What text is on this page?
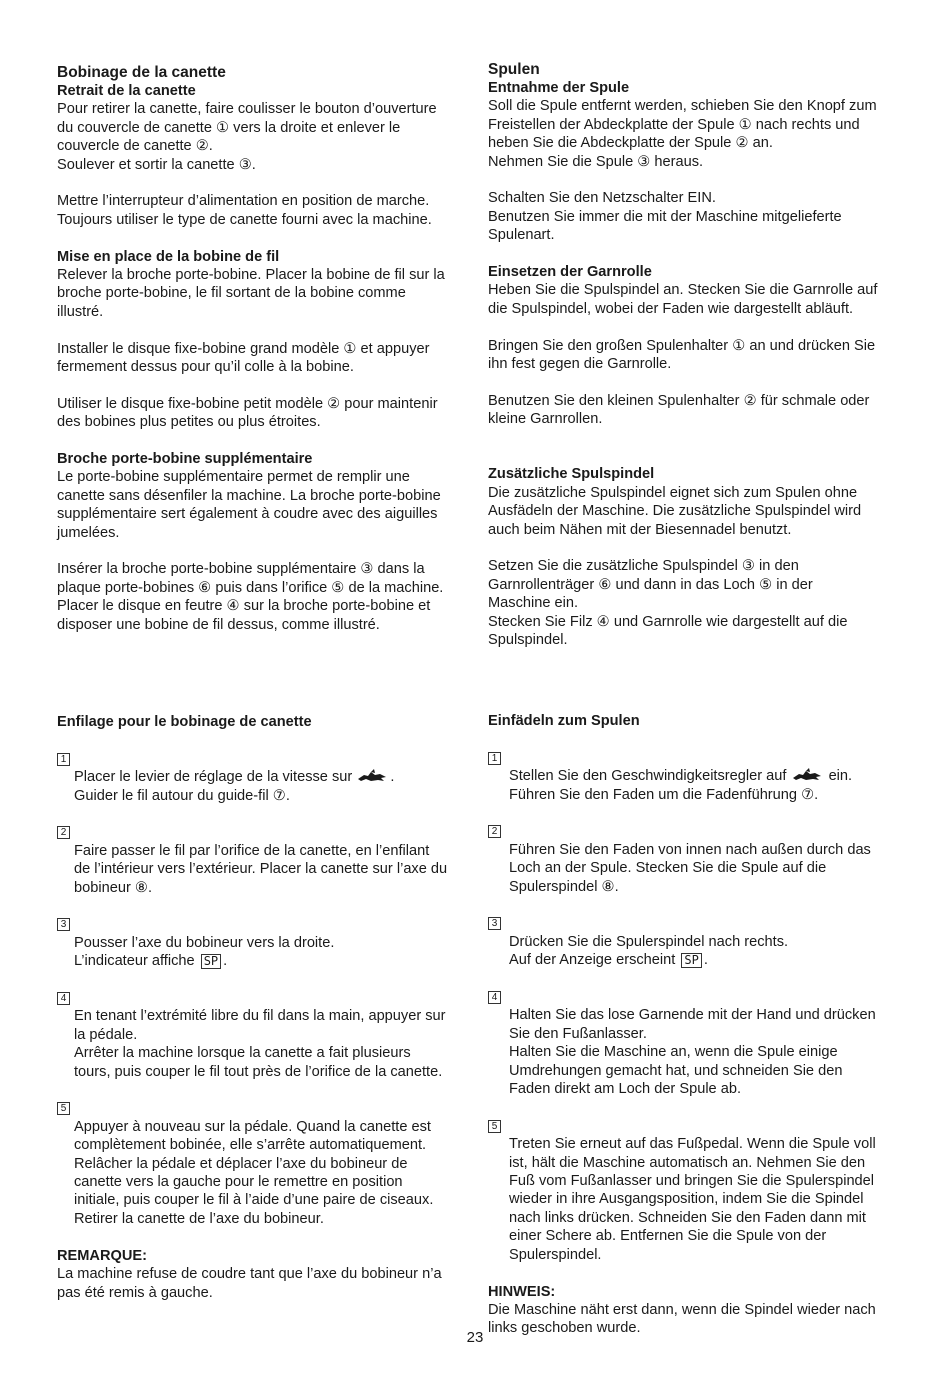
Bobinage de la canette
Retrait de la canette
Pour retirer la canette, faire coulisser le bouton d’ouverture
du couvercle de canette ① vers la droite et enlever le
couvercle de canette ②.
Soulever et sortir la canette ③.
Mettre l’interrupteur d’alimentation en position de marche.
Toujours utiliser le type de canette fourni avec la machine.
Mise en place de la bobine de fil
Relever la broche porte-bobine. Placer la bobine de fil sur la
broche porte-bobine, le fil sortant de la bobine comme
illustré.
Installer le disque fixe-bobine grand modèle ① et appuyer
fermement dessus pour qu’il colle à la bobine.
Utiliser le disque fixe-bobine petit modèle ② pour maintenir
des bobines plus petites ou plus étroites.
Broche porte-bobine supplémentaire
Le porte-bobine supplémentaire permet de remplir une
canette sans désenfiler la machine. La broche porte-bobine
supplémentaire sert également à coudre avec des aiguilles
jumelées.
Insérer la broche porte-bobine supplémentaire ③ dans la
plaque porte-bobines ⑥ puis dans l’orifice ⑤ de la machine.
Placer le disque en feutre ④ sur la broche porte-bobine et
disposer une bobine de fil dessus, comme illustré.
Spulen
Entnahme der Spule
Soll die Spule entfernt werden, schieben Sie den Knopf zum
Freistellen der Abdeckplatte der Spule ① nach rechts und
heben Sie die Abdeckplatte der Spule ② an.
Nehmen Sie die Spule ③ heraus.
Schalten Sie den Netzschalter EIN.
Benutzen Sie immer die mit der Maschine mitgelieferte
Spulenart.
Einsetzen der Garnrolle
Heben Sie die Spulspindel an. Stecken Sie die Garnrolle auf
die Spulspindel, wobei der Faden wie dargestellt abläuft.
Bringen Sie den großen Spulenhalter ① an und drücken Sie
ihn fest gegen die Garnrolle.
Benutzen Sie den kleinen Spulenhalter ② für schmale oder
kleine Garnrollen.
Zusätzliche Spulspindel
Die zusätzliche Spulspindel eignet sich zum Spulen ohne
Ausfädeln der Maschine. Die zusätzliche Spulspindel wird
auch beim Nähen mit der Biesennadel benutzt.
Setzen Sie die zusätzliche Spulspindel ③ in den
Garnrollenträger ⑥ und dann in das Loch ⑤ in der
Maschine ein.
Stecken Sie Filz ④ und Garnrolle wie dargestellt auf die
Spulspindel.
Enfilage pour le bobinage de canette

1
Placer le levier de réglage de la vitesse sur	.
Guider le fil autour du guide-fil ⑦.

2
Faire passer le fil par l’orifice de la canette, en l’enfilant
de l’intérieur vers l’extérieur. Placer la canette sur l’axe du
bobineur ⑧.

3
Pousser l’axe du bobineur vers la droite.
L’indicateur affiche SP .

4
En tenant l’extrémité libre du fil dans la main, appuyer sur
la pédale.
Arrêter la machine lorsque la canette a fait plusieurs
tours, puis couper le fil tout près de l’orifice de la canette.

5
Appuyer à nouveau sur la pédale. Quand la canette est
complètement bobinée, elle s’arrête automatiquement.
Relâcher la pédale et déplacer l’axe du bobineur de
canette vers la gauche pour le remettre en position
initiale, puis couper le fil à l’aide d’une paire de ciseaux.
Retirer la canette de l’axe du bobineur.

REMARQUE:
La machine refuse de coudre tant que l’axe du bobineur n’a
pas été remis à gauche.
Einfädeln zum Spulen

1
Stellen Sie den Geschwindigkeitsregler auf	ein.
Führen Sie den Faden um die Fadenführung ⑦.

2
Führen Sie den Faden von innen nach außen durch das
Loch an der Spule. Stecken Sie die Spule auf die
Spulerspindel ⑧.

3
Drücken Sie die Spulerspindel nach rechts.
Auf der Anzeige erscheint SP .

4
Halten Sie das lose Garnende mit der Hand und drücken
Sie den Fußanlasser.
Halten Sie die Maschine an, wenn die Spule einige
Umdrehungen gemacht hat, und schneiden Sie den
Faden direkt am Loch der Spule ab.

5
Treten Sie erneut auf das Fußpedal. Wenn die Spule voll
ist, hält die Maschine automatisch an. Nehmen Sie den
Fuß vom Fußanlasser und bringen Sie die Spulerspindel
wieder in ihre Ausgangsposition, indem Sie die Spindel
nach links drücken. Schneiden Sie den Faden dann mit
einer Schere ab. Entfernen Sie die Spule von der
Spulerspindel.

HINWEIS:
Die Maschine näht erst dann, wenn die Spindel wieder nach
links geschoben wurde.
23
